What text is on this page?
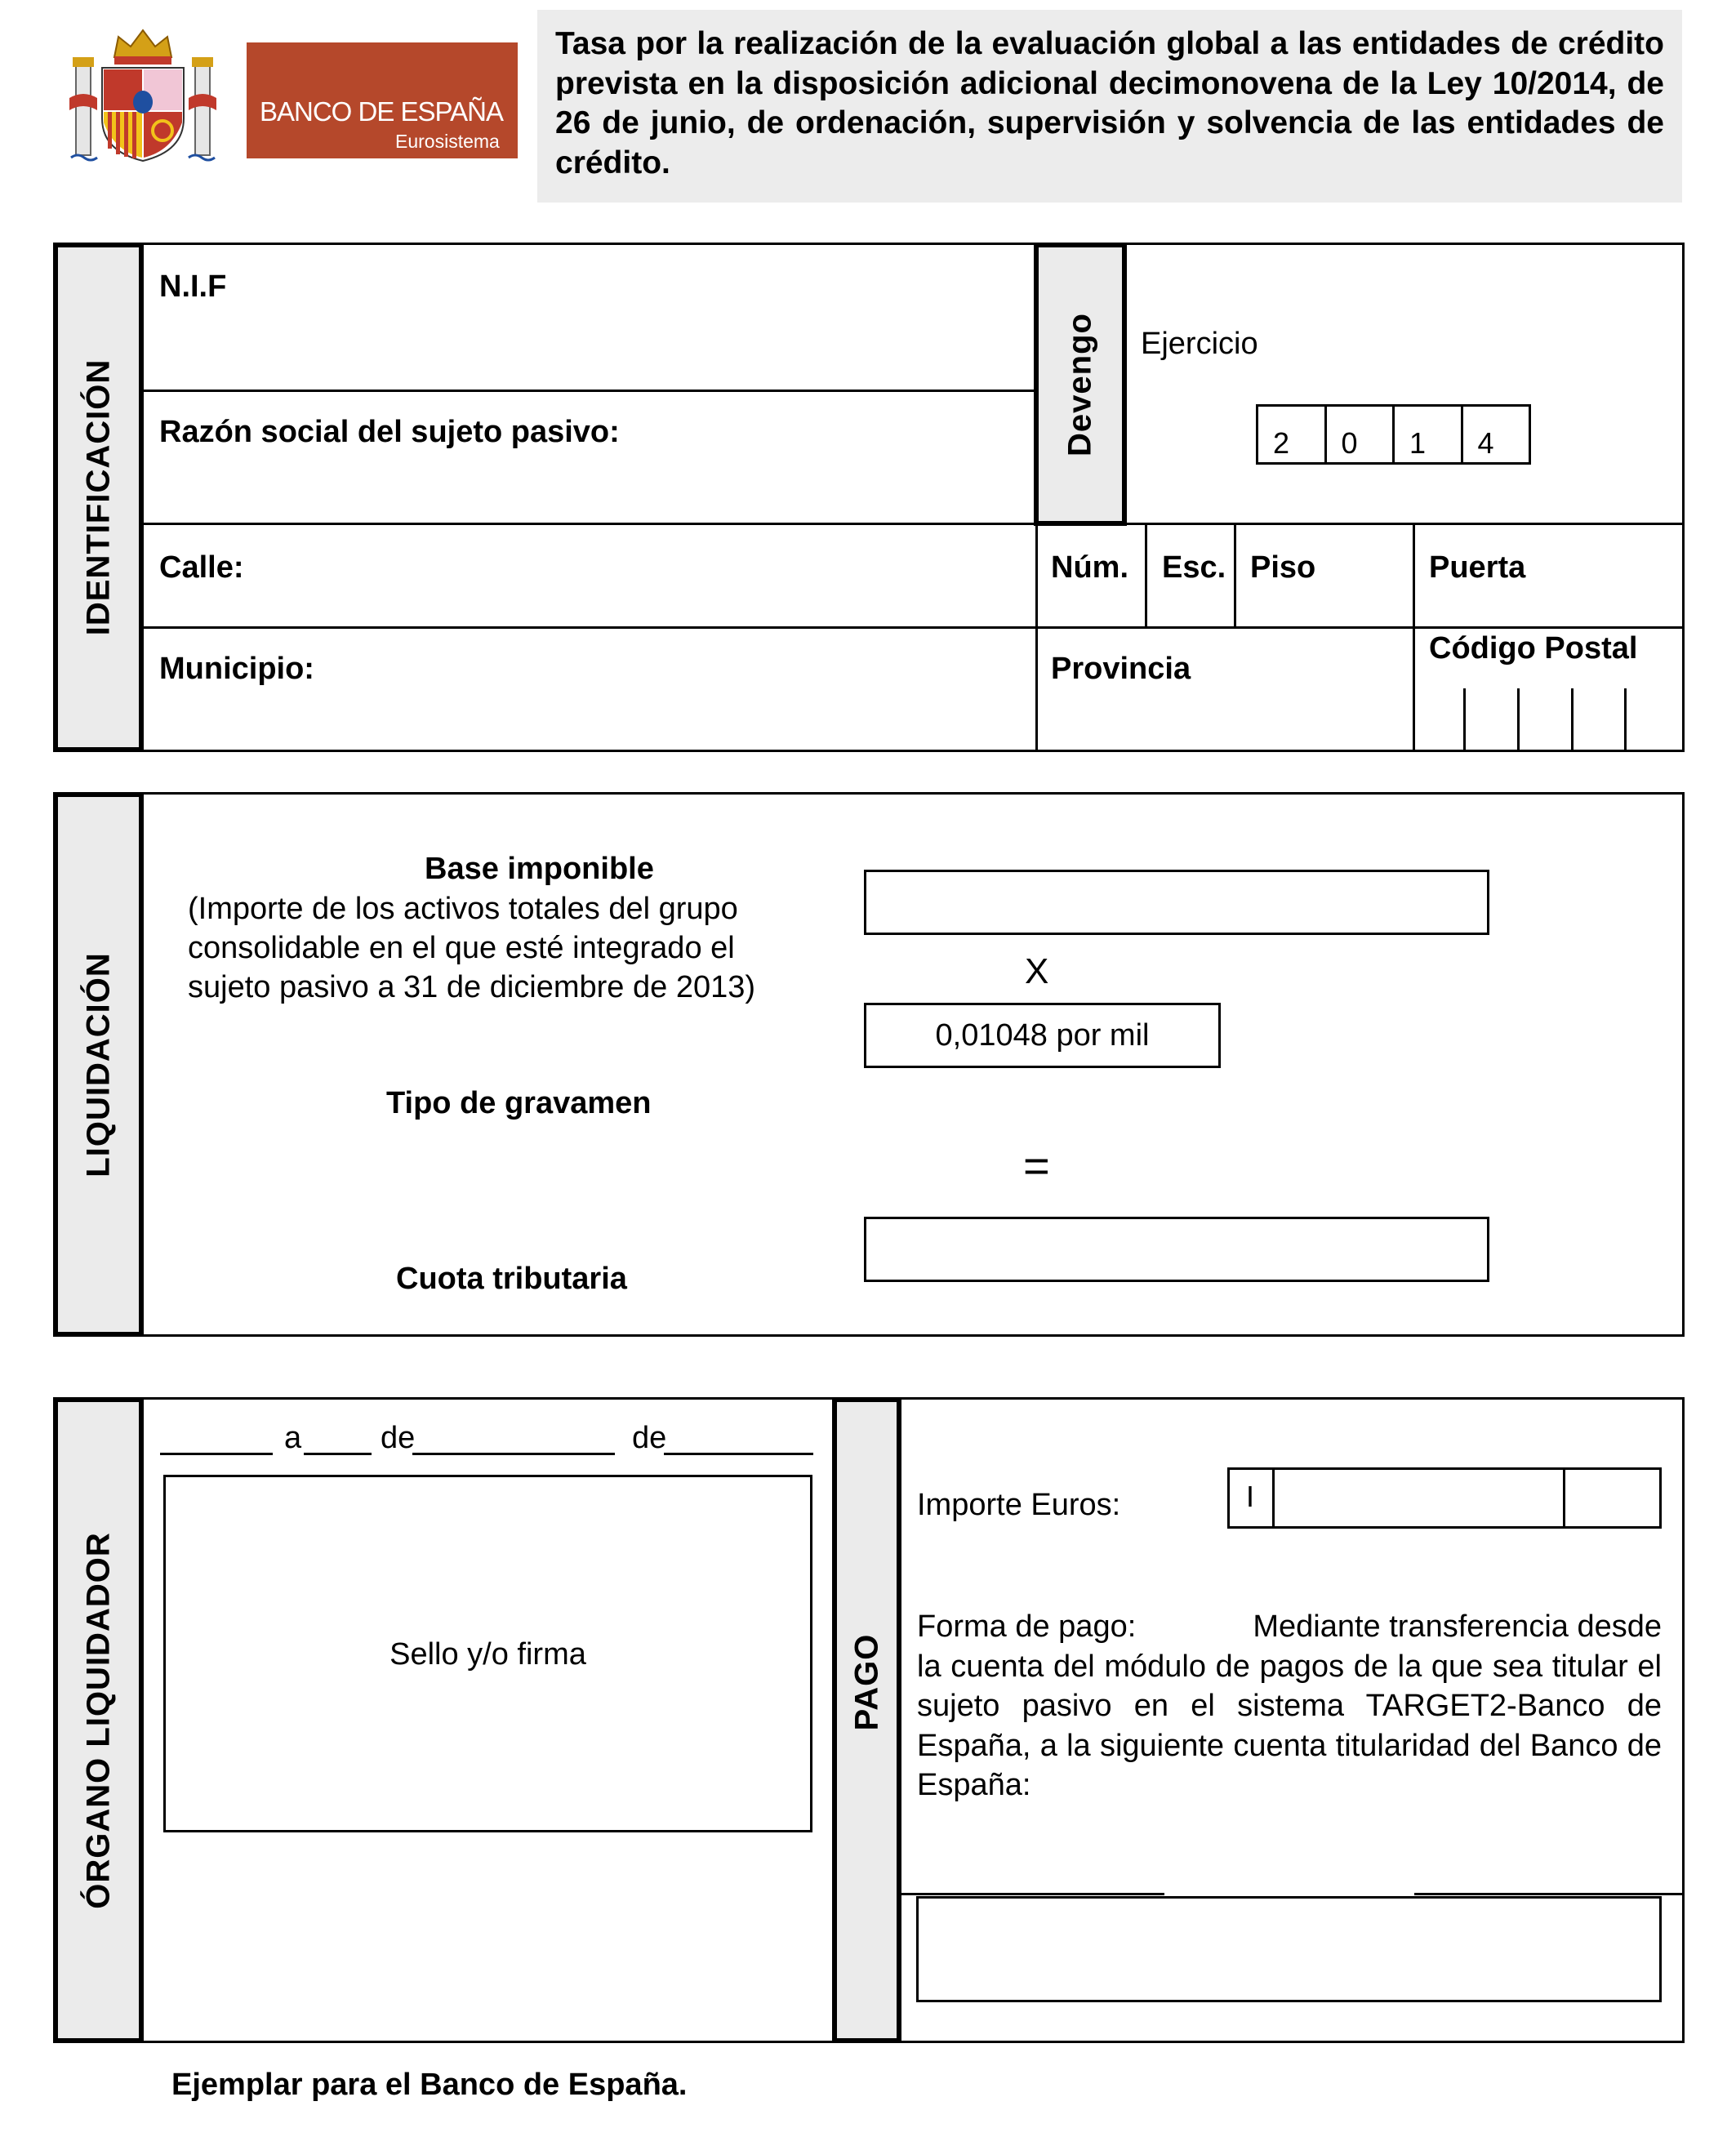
BANCO DE ESPAÑA
Eurosistema
Tasa por la realización de la evaluación global a las entidades de crédito prevista en la disposición adicional decimonovena de la Ley 10/2014, de 26 de junio, de ordenación, supervisión y solvencia de las entidades de crédito.
IDENTIFICACIÓN	Devengo
N.I.F
Razón social del sujeto pasivo:
Ejercicio
2	0	1	4
Calle:	Núm. Esc. Piso	Puerta
Municipio:	Provincia
Código Postal
LIQUIDACIÓN
Base imponible
(Importe de los activos totales del grupo
consolidable en el que esté integrado el
sujeto pasivo a 31 de diciembre de 2013)	X
0,01048 por mil
Tipo de gravamen
=
Cuota tributaria
ÓRGANO LIQUIDADOR
a	de	de
Sello y/o firma	PAGO
Importe Euros:	I
Forma de pago:	Mediante transferencia desde
la cuenta del módulo de pagos de la que sea titular el sujeto pasivo en el sistema TARGET2-Banco de España, a la siguiente cuenta titularidad del Banco de España:
Ejemplar para el Banco de España.
